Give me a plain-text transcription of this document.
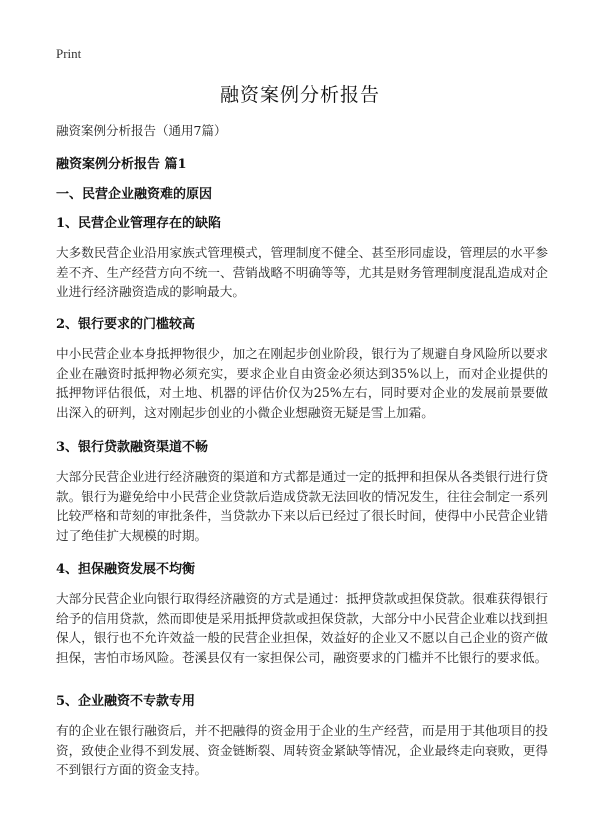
Print
融资案例分析报告
融资案例分析报告（通用7篇）
融资案例分析报告 篇1
一、民营企业融资难的原因
1、民营企业管理存在的缺陷
大多数民营企业沿用家族式管理模式，管理制度不健全、甚至形同虚设，管理层的水平参差不齐、生产经营方向不统一、营销战略不明确等等，尤其是财务管理制度混乱造成对企业进行经济融资造成的影响最大。
2、银行要求的门槛较高
中小民营企业本身抵押物很少，加之在刚起步创业阶段，银行为了规避自身风险所以要求企业在融资时抵押物必须充实，要求企业自由资金必须达到35%以上，而对企业提供的抵押物评估很低，对土地、机器的评估价仅为25%左右，同时要对企业的发展前景要做出深入的研判，这对刚起步创业的小微企业想融资无疑是雪上加霜。
3、银行贷款融资渠道不畅
大部分民营企业进行经济融资的渠道和方式都是通过一定的抵押和担保从各类银行进行贷款。银行为避免给中小民营企业贷款后造成贷款无法回收的情况发生，往往会制定一系列比较严格和苛刻的审批条件，当贷款办下来以后已经过了很长时间，使得中小民营企业错过了绝佳扩大规模的时期。
4、担保融资发展不均衡
大部分民营企业向银行取得经济融资的方式是通过：抵押贷款或担保贷款。很难获得银行给予的信用贷款，然而即使是采用抵押贷款或担保贷款，大部分中小民营企业难以找到担保人，银行也不允许效益一般的民营企业担保，效益好的企业又不愿以自己企业的资产做担保，害怕市场风险。苍溪县仅有一家担保公司，融资要求的门槛并不比银行的要求低。
5、企业融资不专款专用
有的企业在银行融资后，并不把融得的资金用于企业的生产经营，而是用于其他项目的投资，致使企业得不到发展、资金链断裂、周转资金紧缺等情况，企业最终走向衰败，更得不到银行方面的资金支持。
